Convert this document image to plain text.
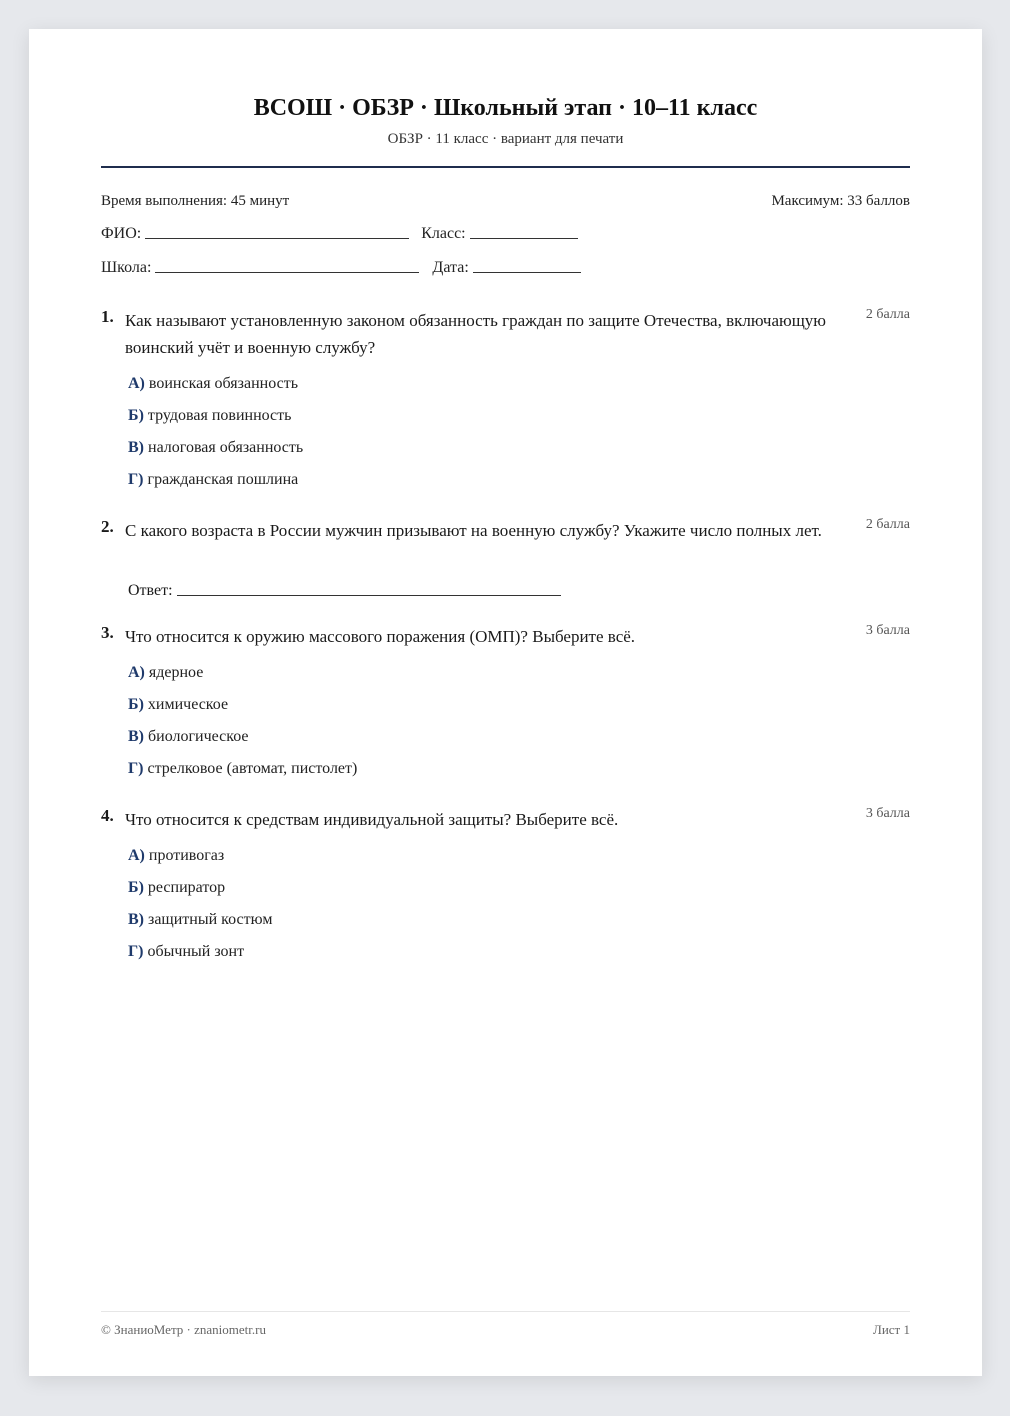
ВСОШ · ОБЗР · Школьный этап · 10–11 класс
ОБЗР · 11 класс · вариант для печати
Время выполнения: 45 минут	Максимум: 33 баллов
ФИО:	Класс:
Школа:	Дата:
1. Как называют установленную законом обязанность граждан по защите Отечества, включающую воинский учёт и военную службу?
2 балла
А) воинская обязанность
Б) трудовая повинность
В) налоговая обязанность
Г) гражданская пошлина
2. С какого возраста в России мужчин призывают на военную службу? Укажите число полных лет.	2 балла
Ответ:
3. Что относится к оружию массового поражения (ОМП)? Выберите всё.	3 балла
А) ядерное
Б) химическое
В) биологическое
Г) стрелковое (автомат, пистолет)
4. Что относится к средствам индивидуальной защиты? Выберите всё.	3 балла
А) противогаз
Б) респиратор
В) защитный костюм
Г) обычный зонт
© ЗнаниоМетр · znaniometr.ru	Лист 1
